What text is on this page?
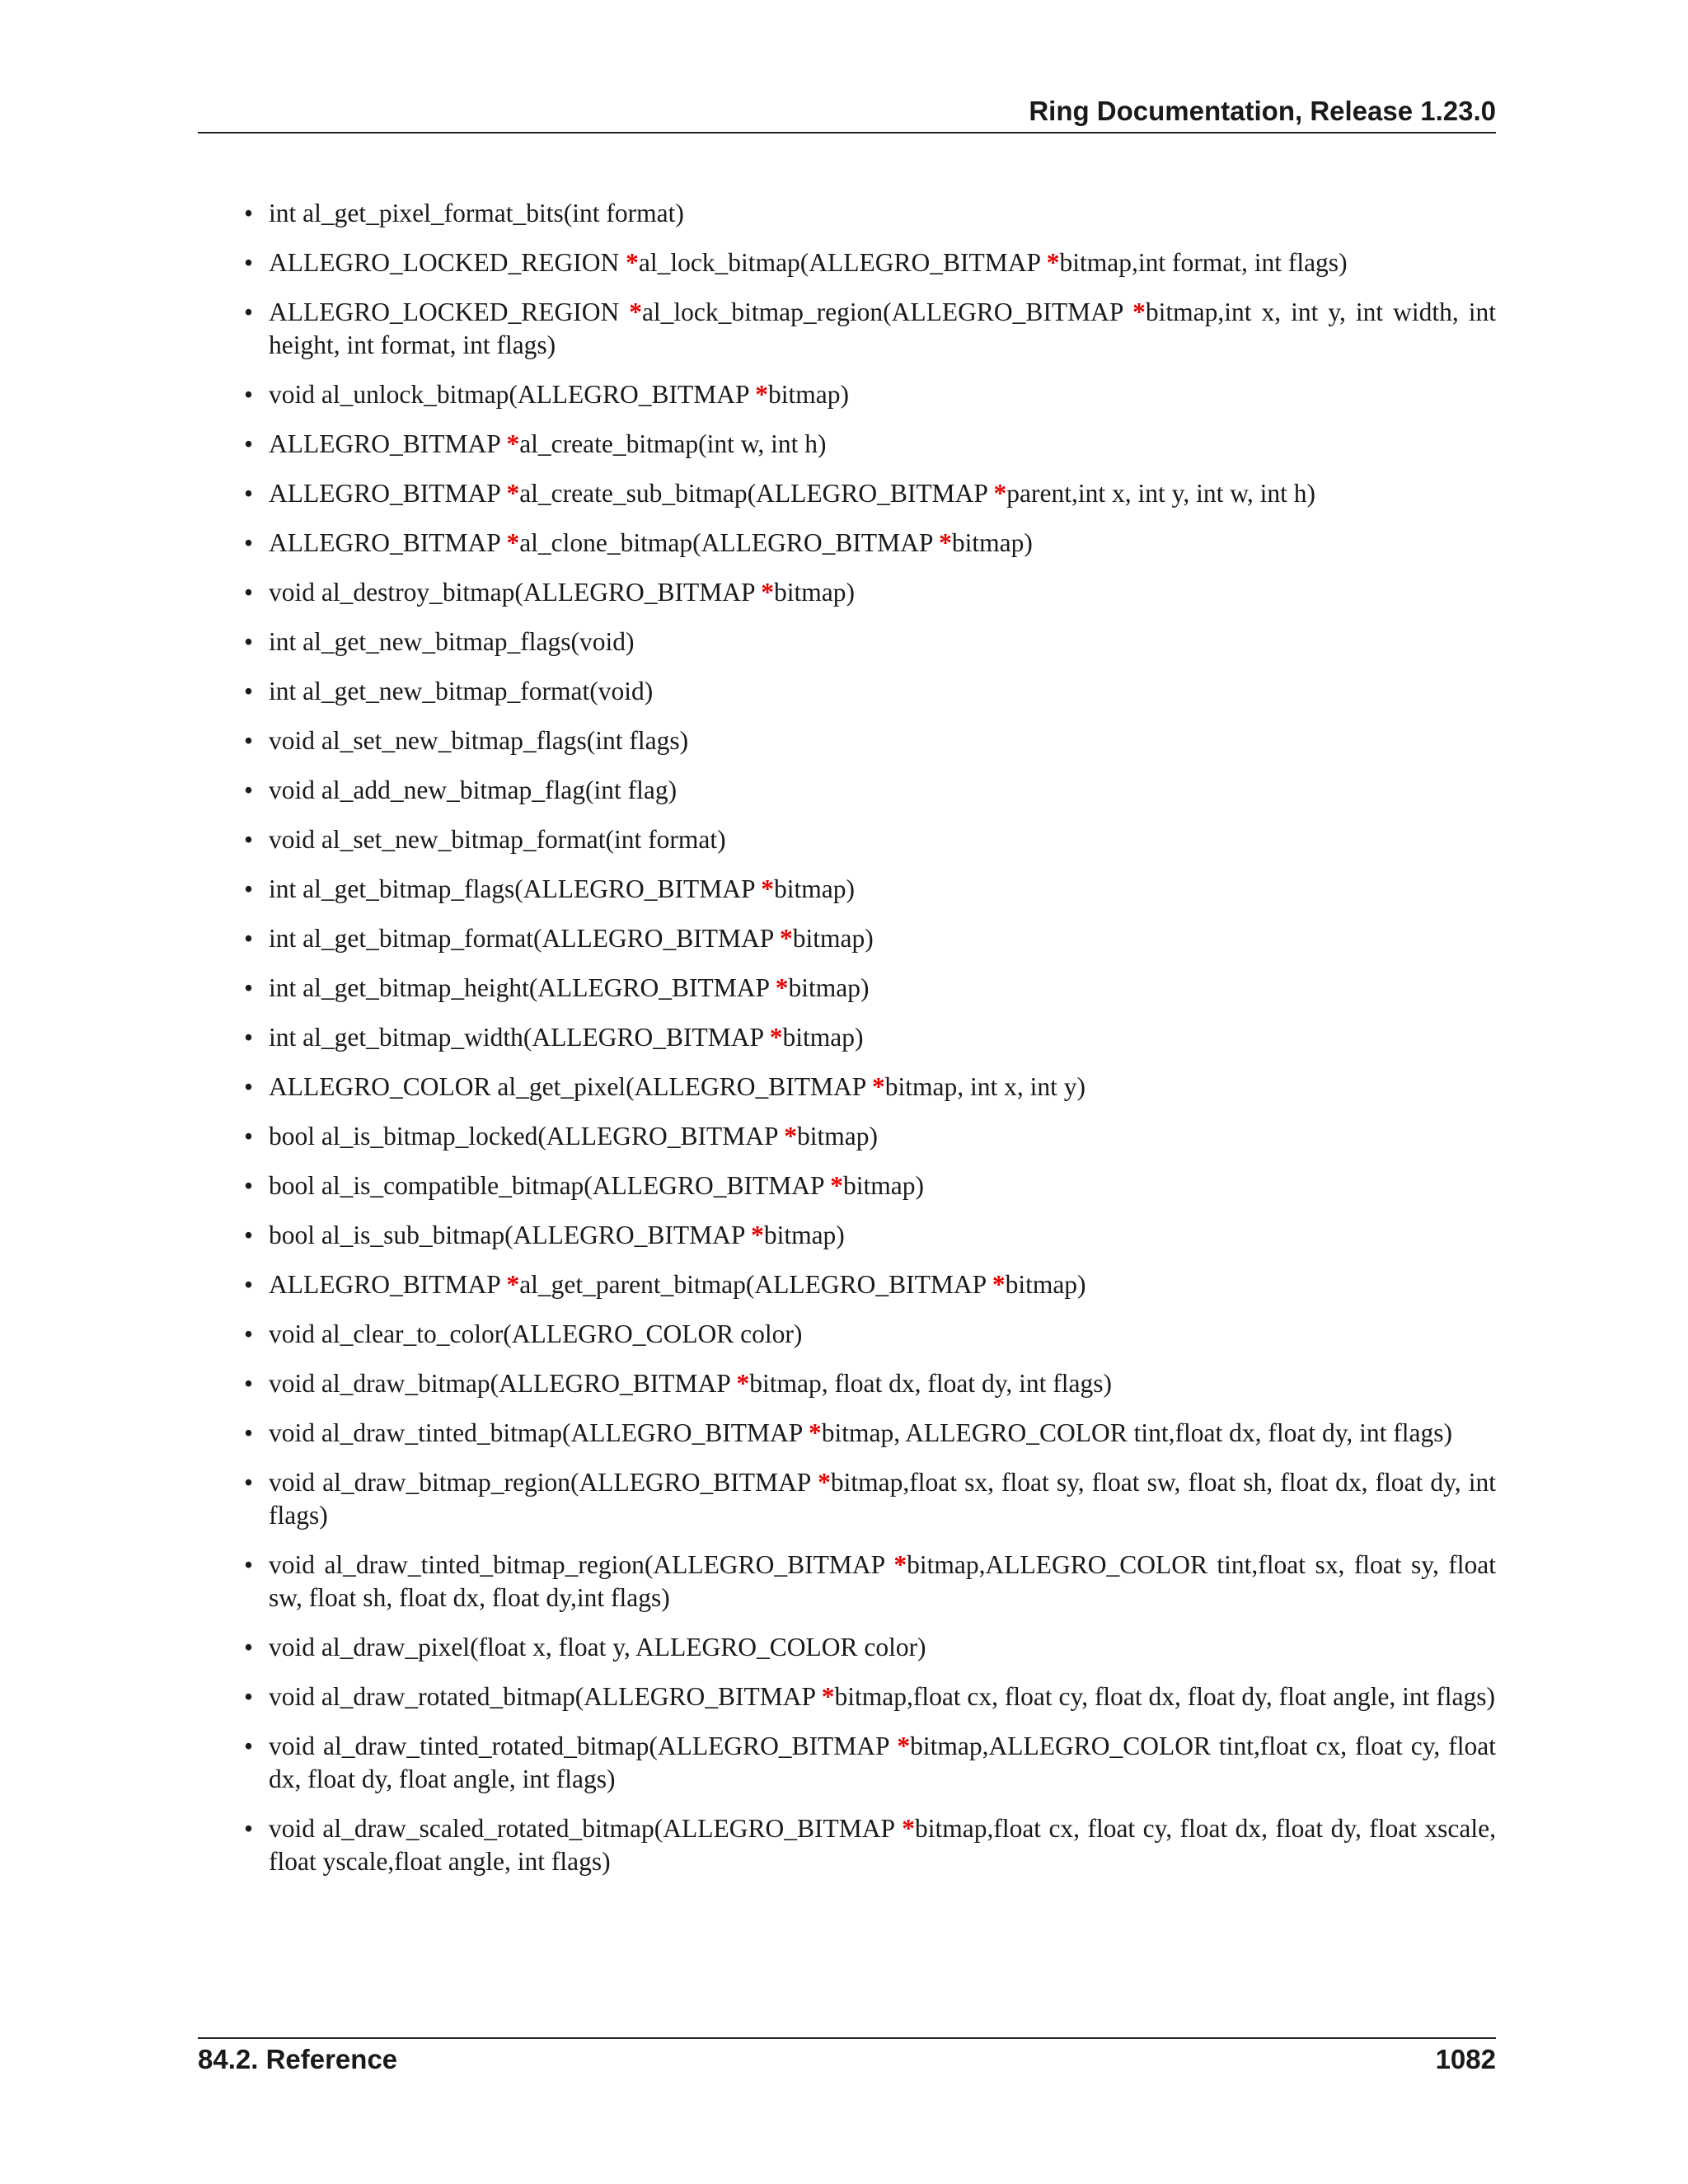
Ring Documentation, Release 1.23.0
• int al_get_pixel_format_bits(int format)
• ALLEGRO_LOCKED_REGION *al_lock_bitmap(ALLEGRO_BITMAP *bitmap,int format, int flags)
• ALLEGRO_LOCKED_REGION *al_lock_bitmap_region(ALLEGRO_BITMAP *bitmap,int x, int y, int width, int height, int format, int flags)
• void al_unlock_bitmap(ALLEGRO_BITMAP *bitmap)
• ALLEGRO_BITMAP *al_create_bitmap(int w, int h)
• ALLEGRO_BITMAP *al_create_sub_bitmap(ALLEGRO_BITMAP *parent,int x, int y, int w, int h)
• ALLEGRO_BITMAP *al_clone_bitmap(ALLEGRO_BITMAP *bitmap)
• void al_destroy_bitmap(ALLEGRO_BITMAP *bitmap)
• int al_get_new_bitmap_flags(void)
• int al_get_new_bitmap_format(void)
• void al_set_new_bitmap_flags(int flags)
• void al_add_new_bitmap_flag(int flag)
• void al_set_new_bitmap_format(int format)
• int al_get_bitmap_flags(ALLEGRO_BITMAP *bitmap)
• int al_get_bitmap_format(ALLEGRO_BITMAP *bitmap)
• int al_get_bitmap_height(ALLEGRO_BITMAP *bitmap)
• int al_get_bitmap_width(ALLEGRO_BITMAP *bitmap)
• ALLEGRO_COLOR al_get_pixel(ALLEGRO_BITMAP *bitmap, int x, int y)
• bool al_is_bitmap_locked(ALLEGRO_BITMAP *bitmap)
• bool al_is_compatible_bitmap(ALLEGRO_BITMAP *bitmap)
• bool al_is_sub_bitmap(ALLEGRO_BITMAP *bitmap)
• ALLEGRO_BITMAP *al_get_parent_bitmap(ALLEGRO_BITMAP *bitmap)
• void al_clear_to_color(ALLEGRO_COLOR color)
• void al_draw_bitmap(ALLEGRO_BITMAP *bitmap, float dx, float dy, int flags)
• void al_draw_tinted_bitmap(ALLEGRO_BITMAP *bitmap, ALLEGRO_COLOR tint,float dx, float dy, int flags)
• void al_draw_bitmap_region(ALLEGRO_BITMAP *bitmap,float sx, float sy, float sw, float sh, float dx, float dy, int flags)
• void al_draw_tinted_bitmap_region(ALLEGRO_BITMAP *bitmap,ALLEGRO_COLOR tint,float sx, float sy, float sw, float sh, float dx, float dy,int flags)
• void al_draw_pixel(float x, float y, ALLEGRO_COLOR color)
• void al_draw_rotated_bitmap(ALLEGRO_BITMAP *bitmap,float cx, float cy, float dx, float dy, float angle, int flags)
• void al_draw_tinted_rotated_bitmap(ALLEGRO_BITMAP *bitmap,ALLEGRO_COLOR tint,float cx, float cy, float dx, float dy, float angle, int flags)
• void al_draw_scaled_rotated_bitmap(ALLEGRO_BITMAP *bitmap,float cx, float cy, float dx, float dy, float xscale, float yscale,float angle, int flags)
84.2. Reference	1082
